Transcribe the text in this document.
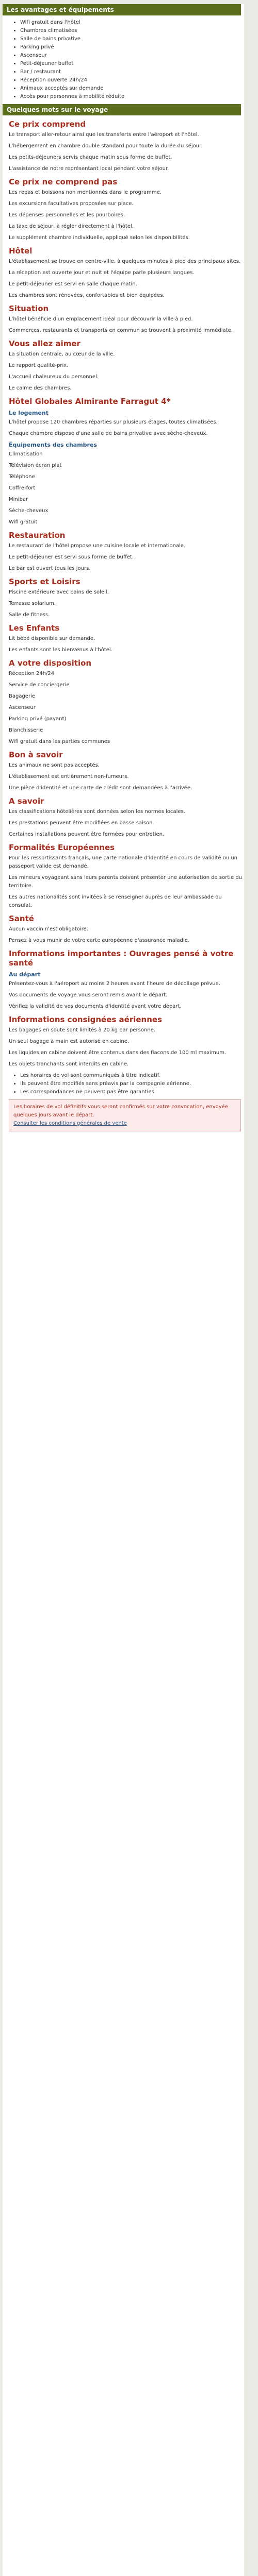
Les avantages et équipements
• Wifi gratuit dans l'hôtel
• Chambres climatisées
• Salle de bains privative
• Parking privé
• Ascenseur
• Petit-déjeuner buffet
• Bar / restaurant
• Réception ouverte 24h/24
• Animaux acceptés sur demande
• Accès pour personnes à mobilité réduite
Quelques mots sur le voyage
Ce prix comprend

Le transport aller-retour ainsi que les transferts entre l'aéroport et l'hôtel.

L'hébergement en chambre double standard pour toute la durée du séjour.

Les petits-déjeuners servis chaque matin sous forme de buffet.

L'assistance de notre représentant local pendant votre séjour.

Ce prix ne comprend pas

Les repas et boissons non mentionnés dans le programme.

Les excursions facultatives proposées sur place.

Les dépenses personnelles et les pourboires.

La taxe de séjour, à régler directement à l'hôtel.

Le supplément chambre individuelle, appliqué selon les disponibilités.

Hôtel

L'établissement se trouve en centre-ville, à quelques minutes à pied des principaux sites.

La réception est ouverte jour et nuit et l'équipe parle plusieurs langues.

Le petit-déjeuner est servi en salle chaque matin.

Les chambres sont rénovées, confortables et bien équipées.

Situation

L'hôtel bénéficie d'un emplacement idéal pour découvrir la ville à pied.

Commerces, restaurants et transports en commun se trouvent à proximité immédiate.

Vous allez aimer

La situation centrale, au cœur de la ville.

Le rapport qualité-prix.

L'accueil chaleureux du personnel.

Le calme des chambres.

Hôtel Globales Almirante Farragut 4*
Le logement

L'hôtel propose 120 chambres réparties sur plusieurs étages, toutes climatisées.

Chaque chambre dispose d'une salle de bains privative avec sèche-cheveux.

Équipements des chambres

Climatisation

Télévision écran plat

Téléphone

Coffre-fort

Minibar

Sèche-cheveux

Wifi gratuit

Restauration

Le restaurant de l'hôtel propose une cuisine locale et internationale.

Le petit-déjeuner est servi sous forme de buffet.

Le bar est ouvert tous les jours.

Sports et Loisirs

Piscine extérieure avec bains de soleil.

Terrasse solarium.

Salle de fitness.

Les Enfants

Lit bébé disponible sur demande.

Les enfants sont les bienvenus à l'hôtel.

A votre disposition

Réception 24h/24

Service de conciergerie

Bagagerie

Ascenseur

Parking privé (payant)

Blanchisserie

Wifi gratuit dans les parties communes

Bon à savoir

Les animaux ne sont pas acceptés.

L'établissement est entièrement non-fumeurs.

Une pièce d'identité et une carte de crédit sont demandées à l'arrivée.

A savoir

Les classifications hôtelières sont données selon les normes locales.

Les prestations peuvent être modifiées en basse saison.

Certaines installations peuvent être fermées pour entretien.

Formalités Européennes

Pour les ressortissants français, une carte nationale d'identité en cours de validité ou un passeport valide est demandé.

Les mineurs voyageant sans leurs parents doivent présenter une autorisation de sortie du territoire.

Les autres nationalités sont invitées à se renseigner auprès de leur ambassade ou consulat.

Santé

Aucun vaccin n'est obligatoire.

Pensez à vous munir de votre carte européenne d'assurance maladie.

Informations importantes : Ouvrages pensé à votre santé
Au départ

Présentez-vous à l'aéroport au moins 2 heures avant l'heure de décollage prévue.

Vos documents de voyage vous seront remis avant le départ.

Vérifiez la validité de vos documents d'identité avant votre départ.

Informations consignées aériennes

Les bagages en soute sont limités à 20 kg par personne.

Un seul bagage à main est autorisé en cabine.

Les liquides en cabine doivent être contenus dans des flacons de 100 ml maximum.

Les objets tranchants sont interdits en cabine.

• Les horaires de vol sont communiqués à titre indicatif.
• Ils peuvent être modifiés sans préavis par la compagnie aérienne.
• Les correspondances ne peuvent pas être garanties.
Les horaires de vol définitifs vous seront confirmés sur votre convocation, envoyée quelques jours avant le départ.
Consulter les conditions générales de vente
